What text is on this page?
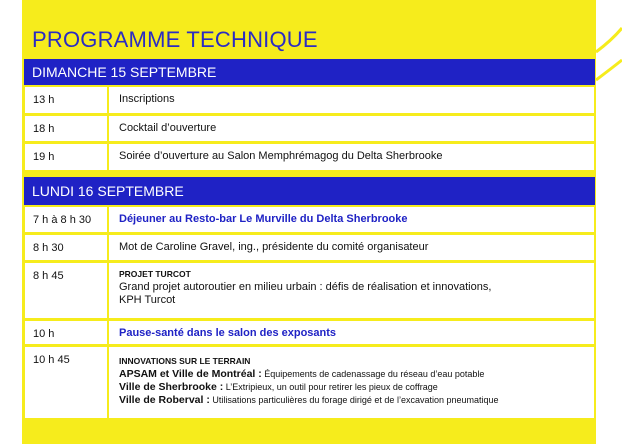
PROGRAMME TECHNIQUE
DIMANCHE 15 SEPTEMBRE
13 h	Inscriptions
18 h	Cocktail d’ouverture
19 h	Soirée d’ouverture au Salon Memphrémagog du Delta Sherbrooke
LUNDI 16 SEPTEMBRE
7 h à 8 h 30	Déjeuner au Resto-bar Le Murville du Delta Sherbrooke
8 h 30	Mot de Caroline Gravel, ing., présidente du comité organisateur
8 h 45	PROJET TURCOT
Grand projet autoroutier en milieu urbain : défis de réalisation et innovations,
KPH Turcot
10 h	Pause-santé dans le salon des exposants
10 h 45	INNOVATIONS SUR LE TERRAIN
APSAM et Ville de Montréal : Équipements de cadenassage du réseau d’eau potable
Ville de Sherbrooke : L’Extripieux, un outil pour retirer les pieux de coffrage
Ville de Roberval : Utilisations particulières du forage dirigé et de l’excavation pneumatique
